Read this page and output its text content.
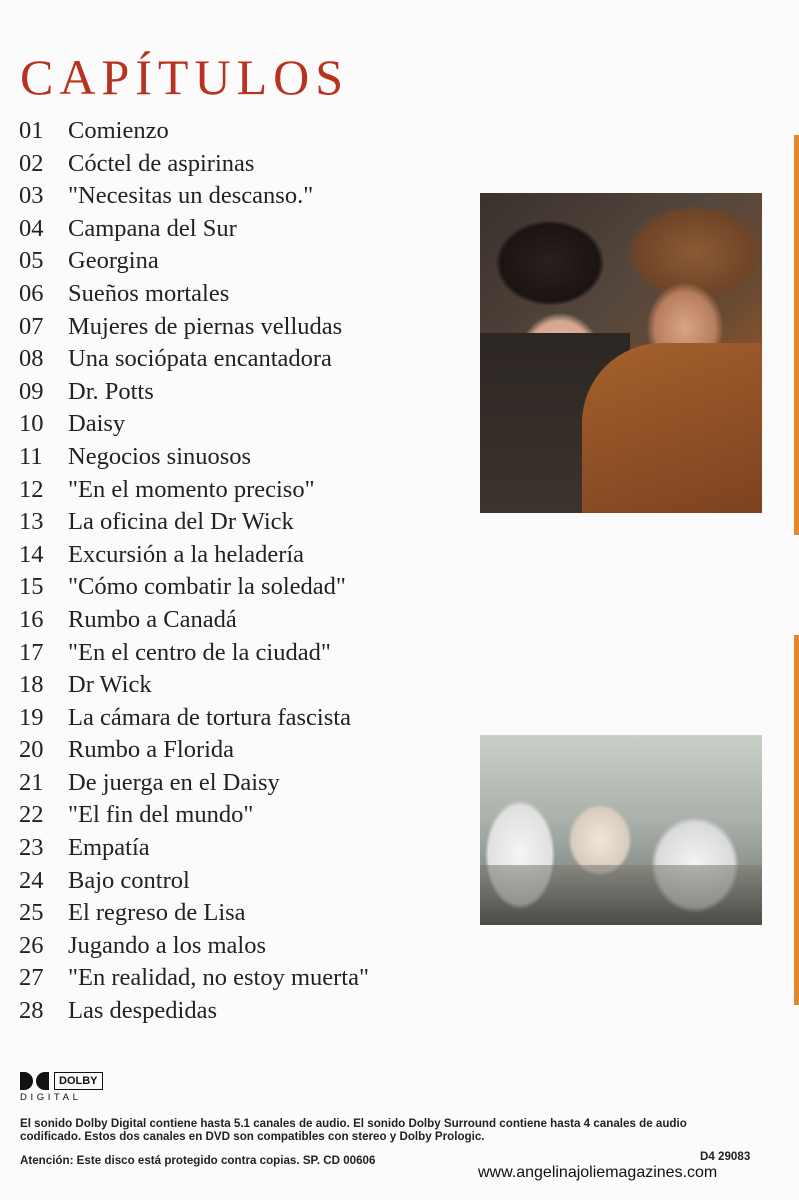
CAPÍTULOS
01 Comienzo
02 Cóctel de aspirinas
03 "Necesitas un descanso."
04 Campana del Sur
05 Georgina
06 Sueños mortales
07 Mujeres de piernas velludas
08 Una sociópata encantadora
09 Dr. Potts
10 Daisy
11 Negocios sinuosos
12 "En el momento preciso"
13 La oficina del Dr Wick
14 Excursión a la heladería
15 "Cómo combatir la soledad"
16 Rumbo a Canadá
17 "En el centro de la ciudad"
18 Dr Wick
19 La cámara de tortura fascista
20 Rumbo a Florida
21 De juerga en el Daisy
22 "El fin del mundo"
23 Empatía
24 Bajo control
25 El regreso de Lisa
26 Jugando a los malos
27 "En realidad, no estoy muerta"
28 Las despedidas
DOLBY
DIGITAL
El sonido Dolby Digital contiene hasta 5.1 canales de audio. El sonido Dolby Surround contiene hasta 4 canales de audio codificado. Estos dos canales en DVD son compatibles con stereo y Dolby Prologic.
Atención: Este disco está protegido contra copias. SP. CD 00606	D4 29083
www.angelinajoliemagazines.com
